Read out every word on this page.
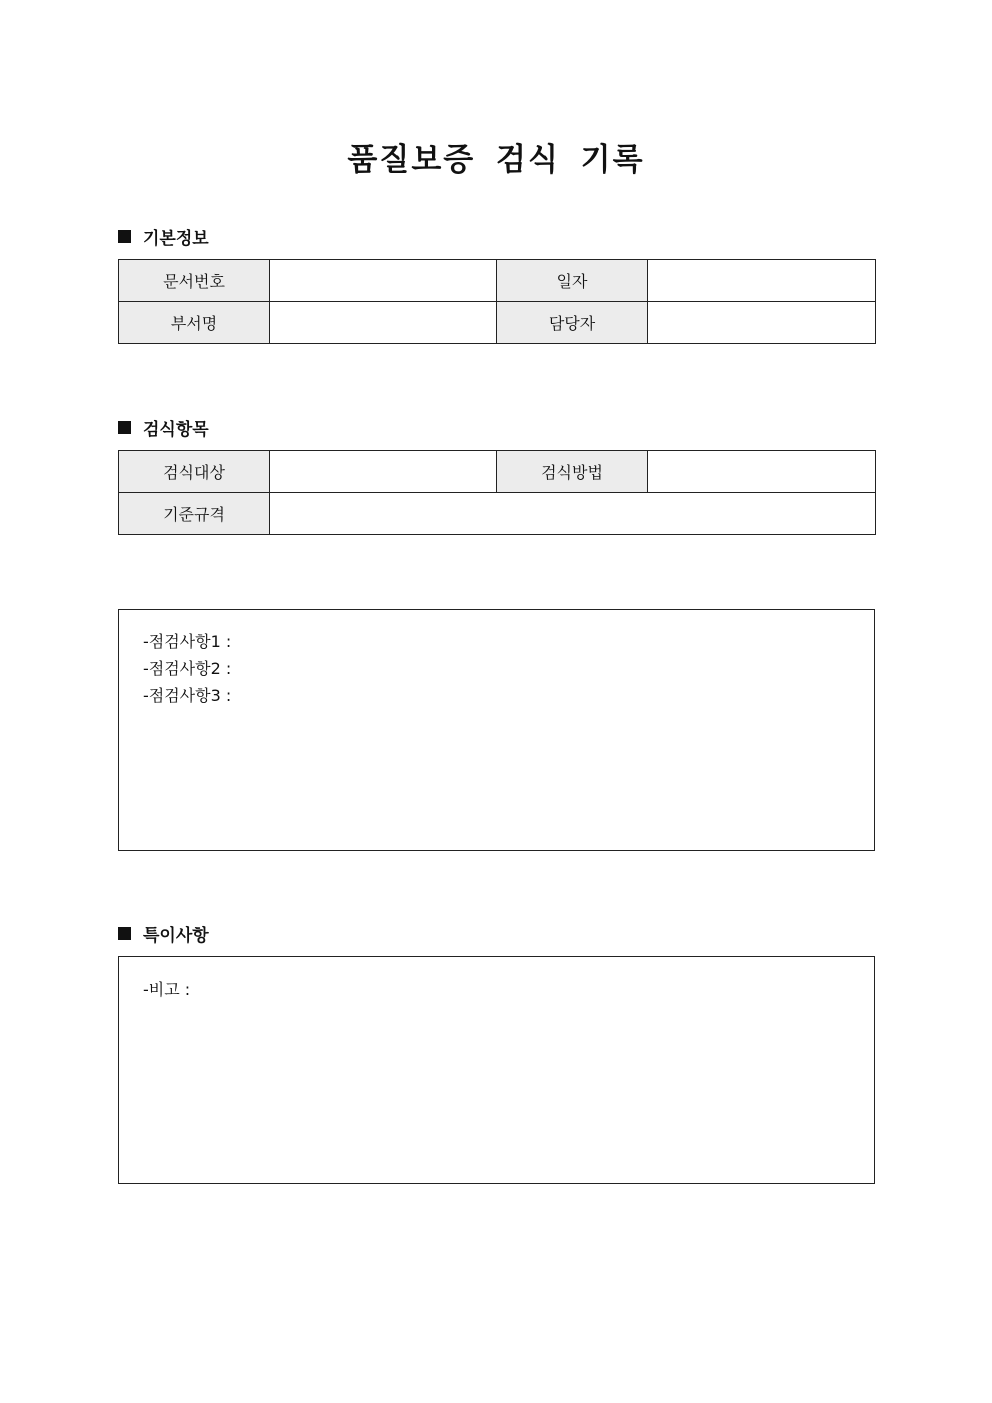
품질보증 검식 기록
기본정보
문서번호		일자	
부서명		담당자	
검식항목
검식대상		검식방법	
기준규격			
-점검사항1 :
-점검사항2 :
-점검사항3 :
특이사항
-비고 :
